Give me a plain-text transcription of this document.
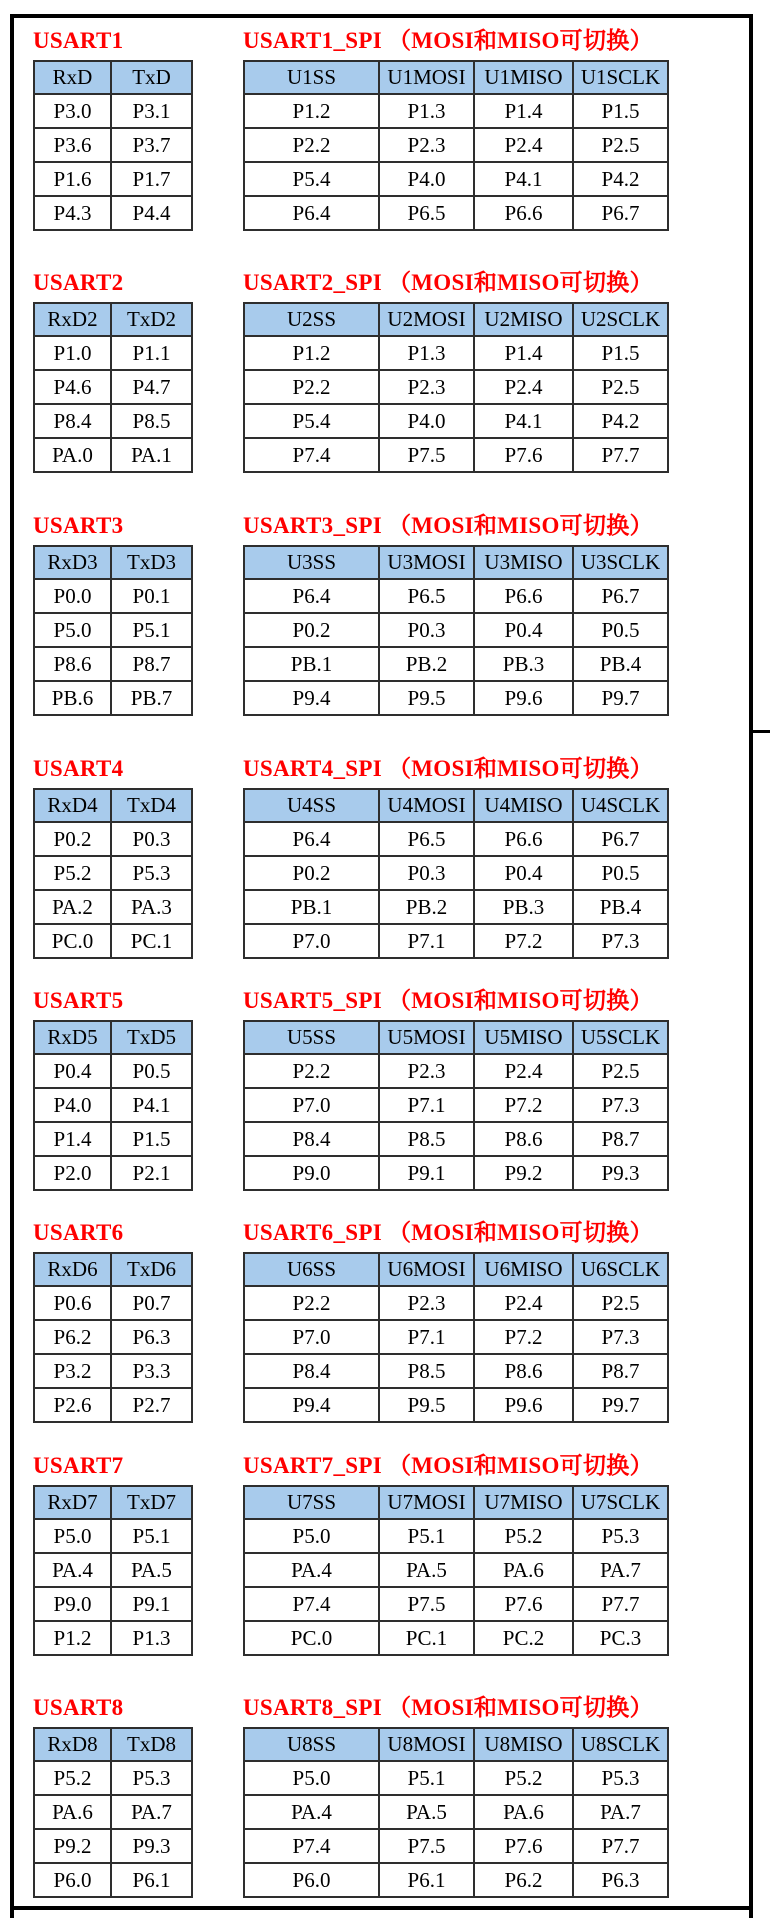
USART1	USART1_SPI （MOSI和MISO可切换）
RxD	TxD
P3.0	P3.1
P3.6	P3.7
P1.6	P1.7
P4.3	P4.4
U1SS	U1MOSI	U1MISO	U1SCLK
P1.2	P1.3	P1.4	P1.5
P2.2	P2.3	P2.4	P2.5
P5.4	P4.0	P4.1	P4.2
P6.4	P6.5	P6.6	P6.7
USART2	USART2_SPI （MOSI和MISO可切换）
RxD2	TxD2
P1.0	P1.1
P4.6	P4.7
P8.4	P8.5
PA.0	PA.1
U2SS	U2MOSI	U2MISO	U2SCLK
P1.2	P1.3	P1.4	P1.5
P2.2	P2.3	P2.4	P2.5
P5.4	P4.0	P4.1	P4.2
P7.4	P7.5	P7.6	P7.7
USART3	USART3_SPI （MOSI和MISO可切换）
RxD3	TxD3
P0.0	P0.1
P5.0	P5.1
P8.6	P8.7
PB.6	PB.7
U3SS	U3MOSI	U3MISO	U3SCLK
P6.4	P6.5	P6.6	P6.7
P0.2	P0.3	P0.4	P0.5
PB.1	PB.2	PB.3	PB.4
P9.4	P9.5	P9.6	P9.7
USART4	USART4_SPI （MOSI和MISO可切换）
RxD4	TxD4
P0.2	P0.3
P5.2	P5.3
PA.2	PA.3
PC.0	PC.1
U4SS	U4MOSI	U4MISO	U4SCLK
P6.4	P6.5	P6.6	P6.7
P0.2	P0.3	P0.4	P0.5
PB.1	PB.2	PB.3	PB.4
P7.0	P7.1	P7.2	P7.3
USART5	USART5_SPI （MOSI和MISO可切换）
RxD5	TxD5
P0.4	P0.5
P4.0	P4.1
P1.4	P1.5
P2.0	P2.1
U5SS	U5MOSI	U5MISO	U5SCLK
P2.2	P2.3	P2.4	P2.5
P7.0	P7.1	P7.2	P7.3
P8.4	P8.5	P8.6	P8.7
P9.0	P9.1	P9.2	P9.3
USART6	USART6_SPI （MOSI和MISO可切换）
RxD6	TxD6
P0.6	P0.7
P6.2	P6.3
P3.2	P3.3
P2.6	P2.7
U6SS	U6MOSI	U6MISO	U6SCLK
P2.2	P2.3	P2.4	P2.5
P7.0	P7.1	P7.2	P7.3
P8.4	P8.5	P8.6	P8.7
P9.4	P9.5	P9.6	P9.7
USART7	USART7_SPI （MOSI和MISO可切换）
RxD7	TxD7
P5.0	P5.1
PA.4	PA.5
P9.0	P9.1
P1.2	P1.3
U7SS	U7MOSI	U7MISO	U7SCLK
P5.0	P5.1	P5.2	P5.3
PA.4	PA.5	PA.6	PA.7
P7.4	P7.5	P7.6	P7.7
PC.0	PC.1	PC.2	PC.3
USART8	USART8_SPI （MOSI和MISO可切换）
RxD8	TxD8
P5.2	P5.3
PA.6	PA.7
P9.2	P9.3
P6.0	P6.1
U8SS	U8MOSI	U8MISO	U8SCLK
P5.0	P5.1	P5.2	P5.3
PA.4	PA.5	PA.6	PA.7
P7.4	P7.5	P7.6	P7.7
P6.0	P6.1	P6.2	P6.3
